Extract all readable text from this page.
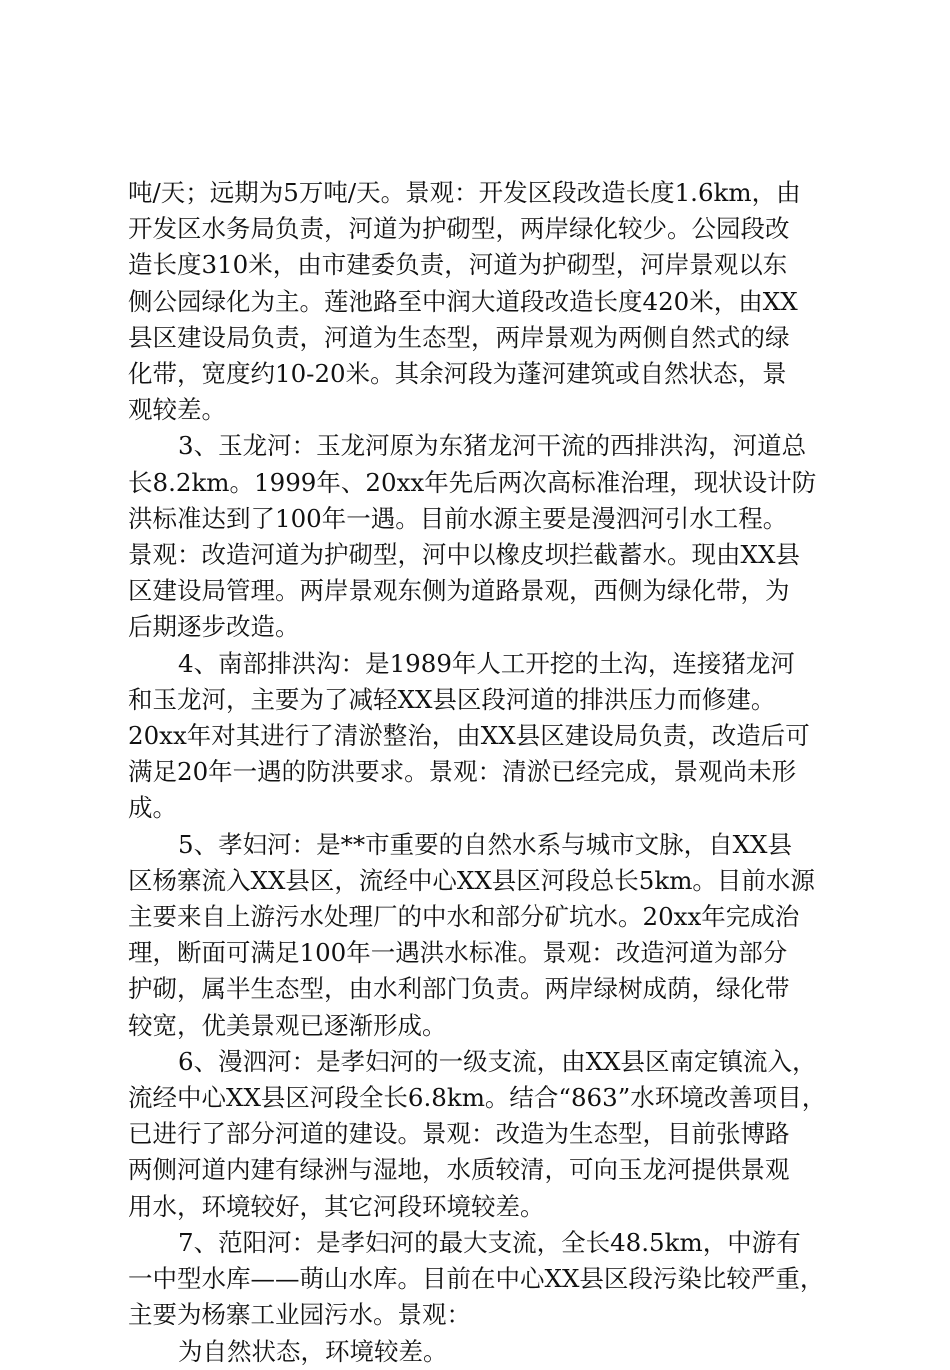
吨/天；远期为5万吨/天。景观：开发区段改造长度1.6km，由
开发区水务局负责，河道为护砌型，两岸绿化较少。公园段改
造长度310米，由市建委负责，河道为护砌型，河岸景观以东
侧公园绿化为主。莲池路至中润大道段改造长度420米，由XX
县区建设局负责，河道为生态型，两岸景观为两侧自然式的绿
化带，宽度约10-20米。其余河段为蓬河建筑或自然状态，景
观较差。

3、玉龙河：玉龙河原为东猪龙河干流的西排洪沟，河道总
长8.2km。1999年、20xx年先后两次高标准治理，现状设计防
洪标准达到了100年一遇。目前水源主要是漫泗河引水工程。
景观：改造河道为护砌型，河中以橡皮坝拦截蓄水。现由XX县
区建设局管理。两岸景观东侧为道路景观，西侧为绿化带，为
后期逐步改造。

4、南部排洪沟：是1989年人工开挖的土沟，连接猪龙河
和玉龙河，主要为了减轻XX县区段河道的排洪压力而修建。
20xx年对其进行了清淤整治，由XX县区建设局负责，改造后可
满足20年一遇的防洪要求。景观：清淤已经完成，景观尚未形
成。

5、孝妇河：是**市重要的自然水系与城市文脉，自XX县
区杨寨流入XX县区，流经中心XX县区河段总长5km。目前水源
主要来自上游污水处理厂的中水和部分矿坑水。20xx年完成治
理，断面可满足100年一遇洪水标准。景观：改造河道为部分
护砌，属半生态型，由水利部门负责。两岸绿树成荫，绿化带
较宽，优美景观已逐渐形成。

6、漫泗河：是孝妇河的一级支流，由XX县区南定镇流入，
流经中心XX县区河段全长6.8km。结合“863”水环境改善项目，
已进行了部分河道的建设。景观：改造为生态型，目前张博路
两侧河道内建有绿洲与湿地，水质较清，可向玉龙河提供景观
用水，环境较好，其它河段环境较差。

7、范阳河：是孝妇河的最大支流，全长48.5km，中游有
一中型水库——萌山水库。目前在中心XX县区段污染比较严重，
主要为杨寨工业园污水。景观：

为自然状态，环境较差。
